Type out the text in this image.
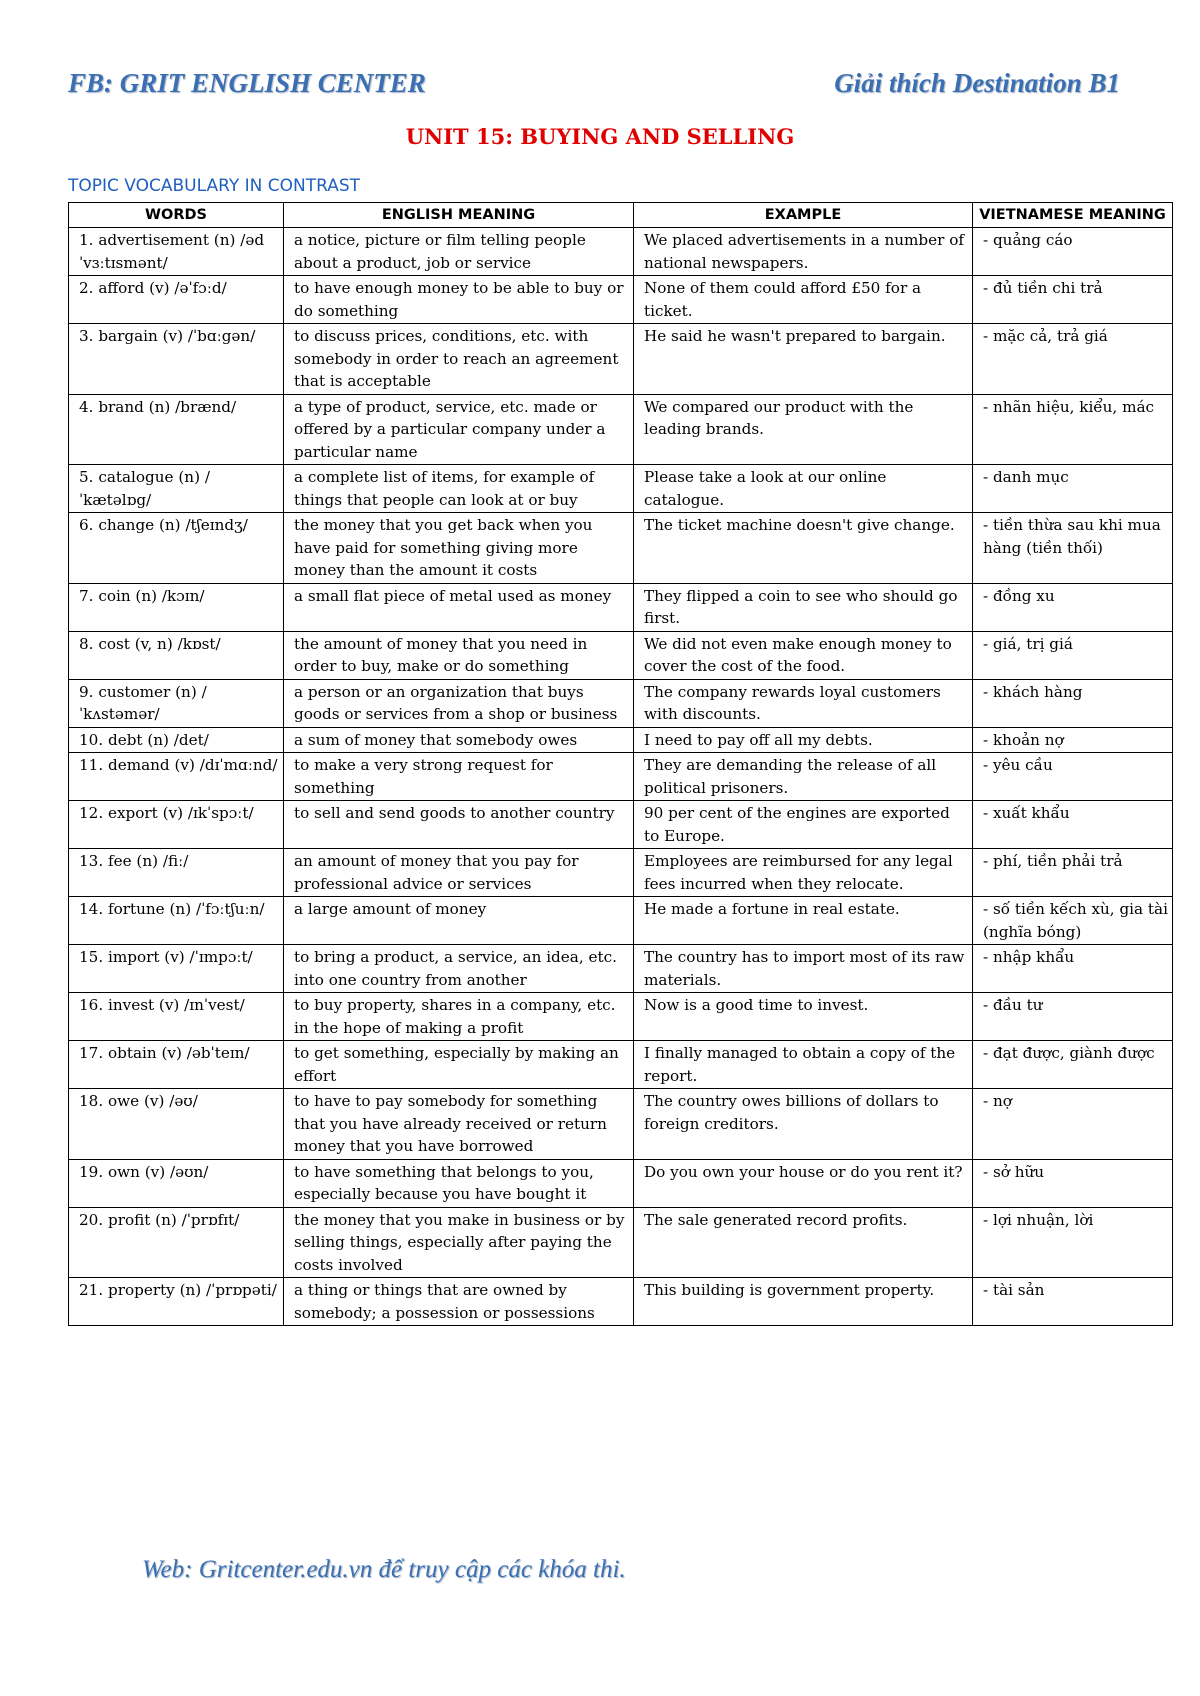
FB: GRIT ENGLISH CENTER	Giải thích Destination B1
UNIT 15: BUYING AND SELLING
TOPIC VOCABULARY IN CONTRAST
WORDS	ENGLISH MEANING	EXAMPLE	VIETNAMESE MEANING
1. advertisement (n) /ədˈvɜːtɪsmənt/	a notice, picture or film telling people about a product, job or service	We placed advertisements in a number of national newspapers.	- quảng cáo
2. afford (v) /əˈfɔːd/	to have enough money to be able to buy or do something	None of them could afford £50 for a ticket.	- đủ tiền chi trả
3. bargain (v) /ˈbɑːgən/	to discuss prices, conditions, etc. with somebody in order to reach an agreement that is acceptable	He said he wasn't prepared to bargain.	- mặc cả, trả giá
4. brand (n) /brænd/	a type of product, service, etc. made or offered by a particular company under a particular name	We compared our product with the leading brands.	- nhãn hiệu, kiểu, mác
5. catalogue (n) /ˈkætəlɒg/	a complete list of items, for example of things that people can look at or buy	Please take a look at our online catalogue.	- danh mục
6. change (n) /tʃeɪndʒ/	the money that you get back when you have paid for something giving more money than the amount it costs	The ticket machine doesn't give change.	- tiền thừa sau khi mua hàng (tiền thối)
7. coin (n) /kɔɪn/	a small flat piece of metal used as money	They flipped a coin to see who should go first.	- đồng xu
8. cost (v, n) /kɒst/	the amount of money that you need in order to buy, make or do something	We did not even make enough money to cover the cost of the food.	- giá, trị giá
9. customer (n) /ˈkʌstəmər/	a person or an organization that buys goods or services from a shop or business	The company rewards loyal customers with discounts.	- khách hàng
10. debt (n) /det/	a sum of money that somebody owes	I need to pay off all my debts.	- khoản nợ
11. demand (v) /dɪˈmɑːnd/	to make a very strong request for something	They are demanding the release of all political prisoners.	- yêu cầu
12. export (v) /ɪkˈspɔːt/	to sell and send goods to another country	90 per cent of the engines are exported to Europe.	- xuất khẩu
13. fee (n) /fiː/	an amount of money that you pay for professional advice or services	Employees are reimbursed for any legal fees incurred when they relocate.	- phí, tiền phải trả
14. fortune (n) /ˈfɔːtʃuːn/	a large amount of money	He made a fortune in real estate.	- số tiền kếch xù, gia tài (nghĩa bóng)
15. import (v) /ˈɪmpɔːt/	to bring a product, a service, an idea, etc. into one country from another	The country has to import most of its raw materials.	- nhập khẩu
16. invest (v) /ɪnˈvest/	to buy property, shares in a company, etc. in the hope of making a profit	Now is a good time to invest.	- đầu tư
17. obtain (v) /əbˈteɪn/	to get something, especially by making an effort	I finally managed to obtain a copy of the report.	- đạt được, giành được
18. owe (v) /əʊ/	to have to pay somebody for something that you have already received or return money that you have borrowed	The country owes billions of dollars to foreign creditors.	- nợ
19. own (v) /əʊn/	to have something that belongs to you, especially because you have bought it	Do you own your house or do you rent it?	- sở hữu
20. profit (n) /ˈprɒfɪt/	the money that you make in business or by selling things, especially after paying the costs involved	The sale generated record profits.	- lợi nhuận, lời
21. property (n) /ˈprɒpəti/	a thing or things that are owned by somebody; a possession or possessions	This building is government property.	- tài sản
Web: Gritcenter.edu.vn để truy cập các khóa thi.
